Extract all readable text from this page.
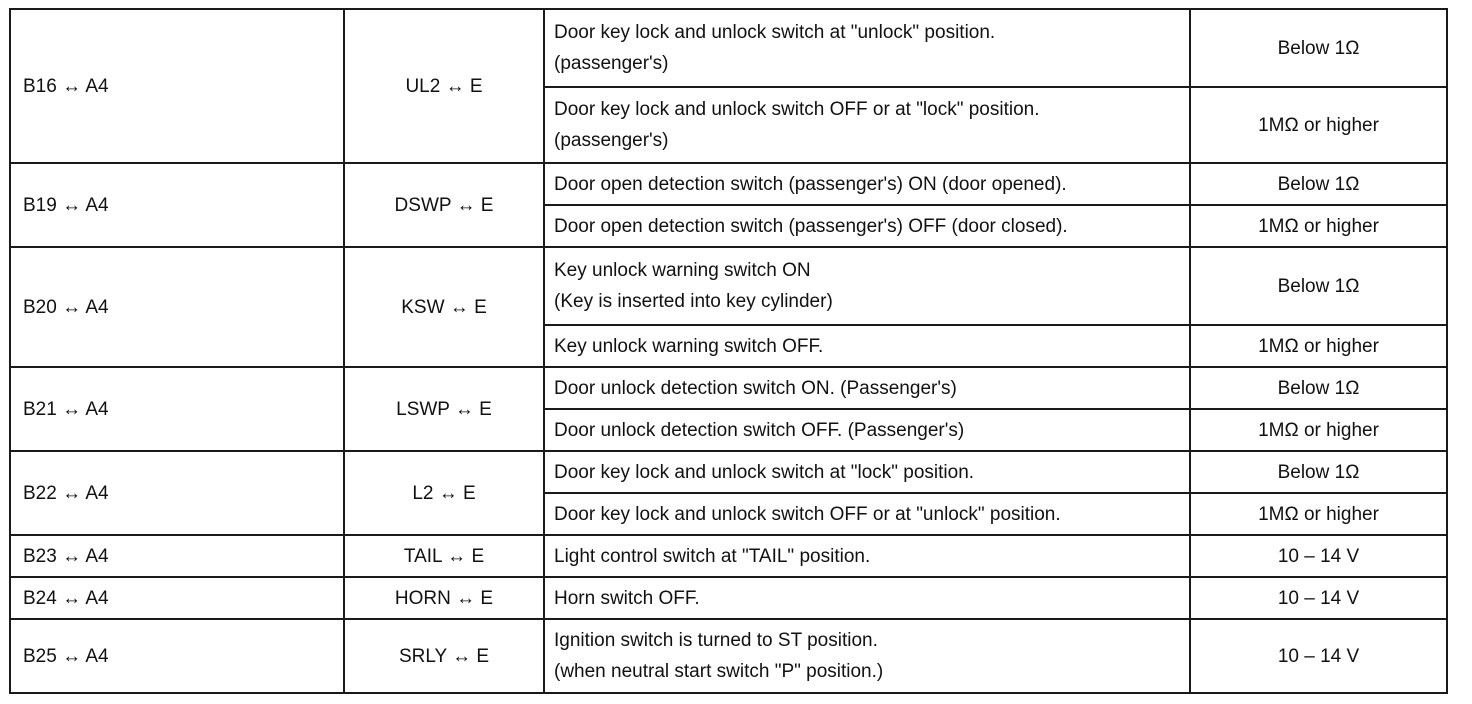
B16 ↔ A4	UL2 ↔ E	Door key lock and unlock switch at "unlock" position.
(passenger's)	Below 1Ω

		Door key lock and unlock switch OFF or at "lock" position.
(passenger's)	1MΩ or higher
B19 ↔ A4	DSWP ↔ E	Door open detection switch (passenger's) ON (door opened).	Below 1Ω

		Door open detection switch (passenger's) OFF (door closed).	1MΩ or higher
B20 ↔ A4	KSW ↔ E	Key unlock warning switch ON
(Key is inserted into key cylinder)	Below 1Ω

		Key unlock warning switch OFF.	1MΩ or higher
B21 ↔ A4	LSWP ↔ E	Door unlock detection switch ON. (Passenger's)	Below 1Ω

		Door unlock detection switch OFF. (Passenger's)	1MΩ or higher
B22 ↔ A4	L2 ↔ E	Door key lock and unlock switch at "lock" position.	Below 1Ω

		Door key lock and unlock switch OFF or at "unlock" position.	1MΩ or higher
B23 ↔ A4	TAIL ↔ E	Light control switch at "TAIL" position.	10 – 14 V
B24 ↔ A4	HORN ↔ E	Horn switch OFF.	10 – 14 V
B25 ↔ A4	SRLY ↔ E	Ignition switch is turned to ST position.
(when neutral start switch "P" position.)	10 – 14 V
